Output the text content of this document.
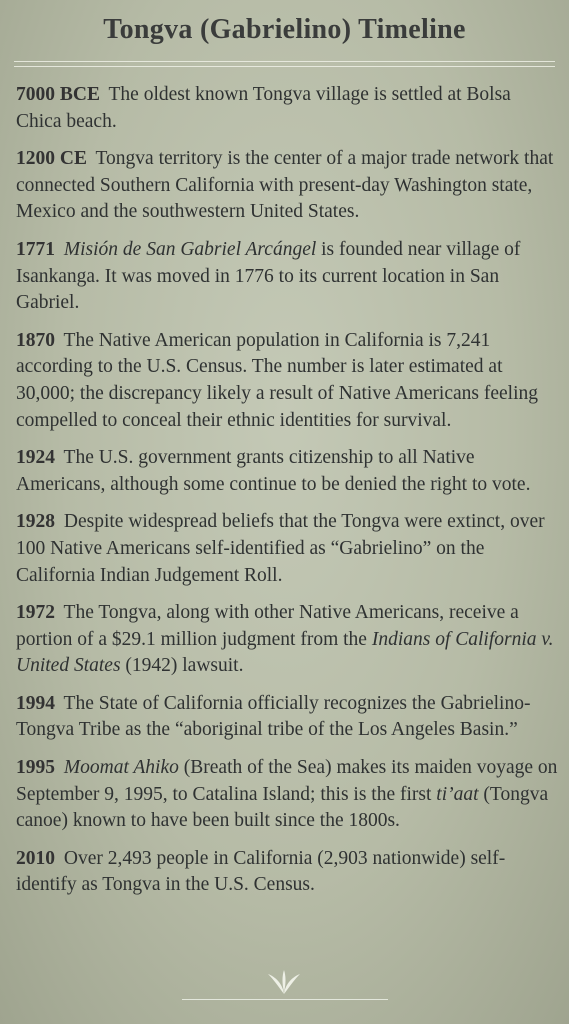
Tongva (Gabrielino) Timeline

7000 BCE The oldest known Tongva village is settled at Bolsa Chica beach.

1200 CE Tongva territory is the center of a major trade network that connected Southern California with present-day Washington state, Mexico and the southwestern United States.

1771 Misión de San Gabriel Arcángel is founded near village of Isankanga. It was moved in 1776 to its current location in San Gabriel.

1870 The Native American population in California is 7,241 according to the U.S. Census. The number is later estimated at 30,000; the discrepancy likely a result of Native Americans feeling compelled to conceal their ethnic identities for survival.

1924 The U.S. government grants citizenship to all Native Americans, although some continue to be denied the right to vote.

1928 Despite widespread beliefs that the Tongva were extinct, over 100 Native Americans self-identified as “Gabrielino” on the California Indian Judgement Roll.

1972 The Tongva, along with other Native Americans, receive a portion of a $29.1 million judgment from the Indians of California v. United States (1942) lawsuit.

1994 The State of California officially recognizes the Gabrielino-Tongva Tribe as the “aboriginal tribe of the Los Angeles Basin.”

1995 Moomat Ahiko (Breath of the Sea) makes its maiden voyage on September 9, 1995, to Catalina Island; this is the first ti’aat (Tongva canoe) known to have been built since the 1800s.

2010 Over 2,493 people in California (2,903 nationwide) self-identify as Tongva in the U.S. Census.
